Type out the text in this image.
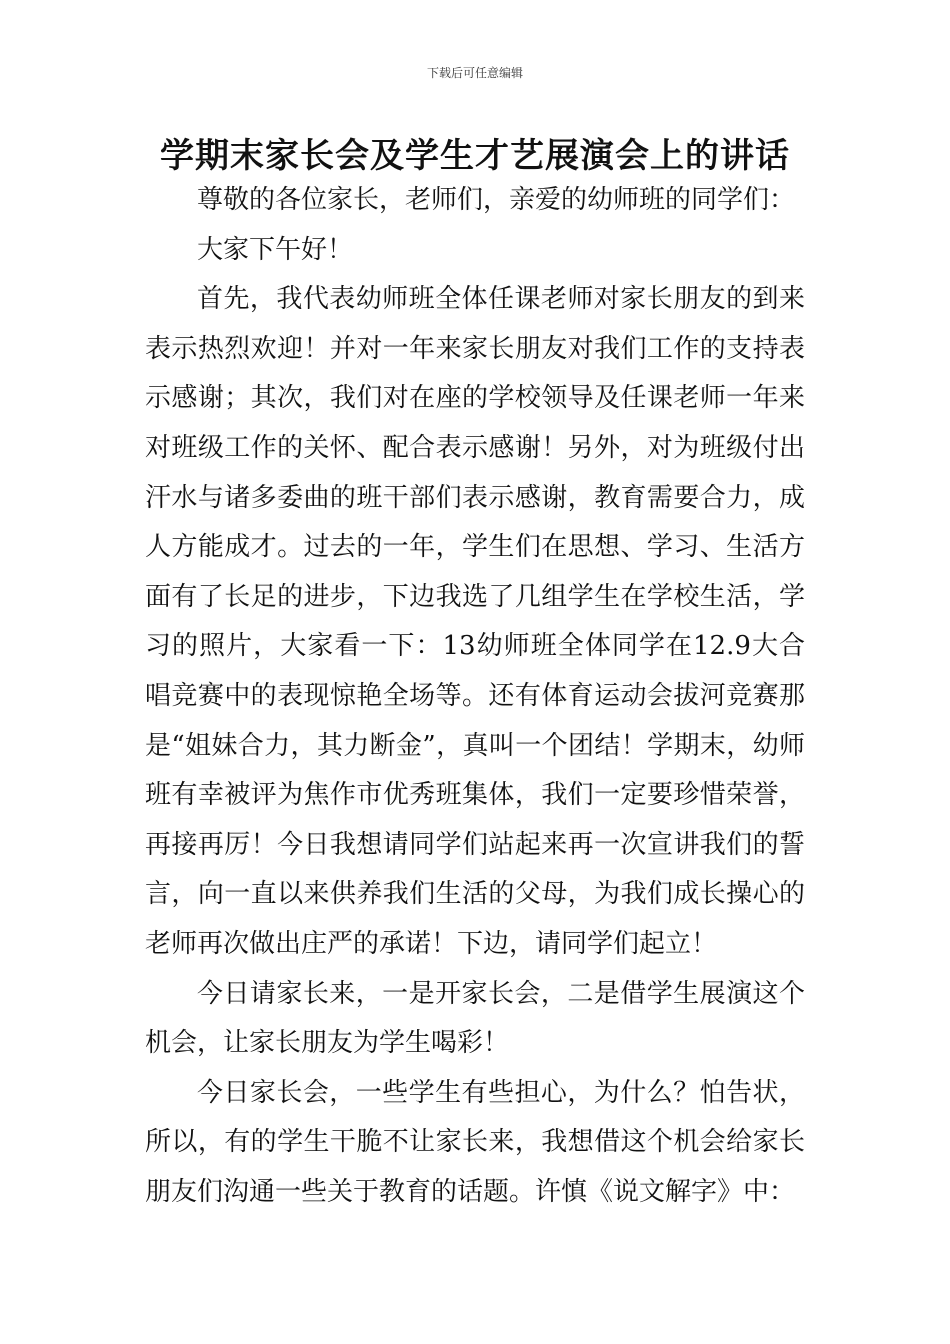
下载后可任意编辑
学期末家长会及学生才艺展演会上的讲话

尊敬的各位家长，老师们，亲爱的幼师班的同学们：

大家下午好！

首先，我代表幼师班全体任课老师对家长朋友的到来表示热烈欢迎！并对一年来家长朋友对我们工作的支持表示感谢；其次，我们对在座的学校领导及任课老师一年来对班级工作的关怀、配合表示感谢！另外，对为班级付出汗水与诸多委曲的班干部们表示感谢，教育需要合力，成人方能成才。过去的一年，学生们在思想、学习、生活方面有了长足的进步，下边我选了几组学生在学校生活，学习的照片，大家看一下：13幼师班全体同学在12.9大合唱竞赛中的表现惊艳全场等。还有体育运动会拔河竞赛那是“姐妹合力，其力断金”，真叫一个团结！学期末，幼师班有幸被评为焦作市优秀班集体，我们一定要珍惜荣誉，再接再厉！今日我想请同学们站起来再一次宣讲我们的誓言，向一直以来供养我们生活的父母，为我们成长操心的老师再次做出庄严的承诺！下边，请同学们起立！

今日请家长来，一是开家长会，二是借学生展演这个机会，让家长朋友为学生喝彩！

今日家长会，一些学生有些担心，为什么？怕告状，所以，有的学生干脆不让家长来，我想借这个机会给家长朋友们沟通一些关于教育的话题。许慎《说文解字》中：
